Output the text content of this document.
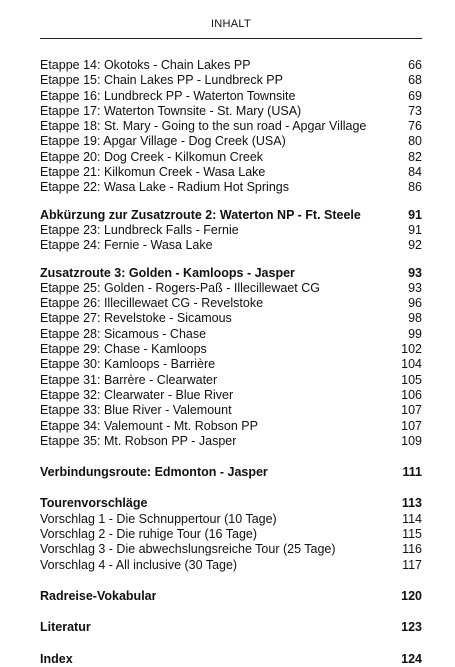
INHALT
Etappe 14: Okotoks - Chain Lakes PP	66
Etappe 15: Chain Lakes PP - Lundbreck PP	68
Etappe 16: Lundbreck PP - Waterton Townsite	69
Etappe 17: Waterton Townsite - St. Mary (USA)	73
Etappe 18: St. Mary - Going to the sun road - Apgar Village	76
Etappe 19: Apgar Village - Dog Creek (USA)	80
Etappe 20: Dog Creek - Kilkomun Creek	82
Etappe 21: Kilkomun Creek - Wasa Lake	84
Etappe 22: Wasa Lake - Radium Hot Springs	86
Abkürzung zur Zusatzroute 2: Waterton NP - Ft. Steele	91
Etappe 23: Lundbreck Falls - Fernie	91
Etappe 24: Fernie - Wasa Lake	92
Zusatzroute 3: Golden - Kamloops - Jasper	93
Etappe 25: Golden - Rogers-Paß - Illecillewaet CG	93
Etappe 26: Illecillewaet CG - Revelstoke	96
Etappe 27: Revelstoke - Sicamous	98
Etappe 28: Sicamous - Chase	99
Etappe 29: Chase - Kamloops	102
Etappe 30: Kamloops - Barrière	104
Etappe 31: Barrère - Clearwater	105
Etappe 32: Clearwater - Blue River	106
Etappe 33: Blue River - Valemount	107
Etappe 34: Valemount - Mt. Robson PP	107
Etappe 35: Mt. Robson PP - Jasper	109
Verbindungsroute: Edmonton - Jasper	111
Tourenvorschläge	113
Vorschlag 1 - Die Schnuppertour (10 Tage)	114
Vorschlag 2 - Die ruhige Tour (16 Tage)	115
Vorschlag 3 - Die abwechslungsreiche Tour (25 Tage)	116
Vorschlag 4 - All inclusive (30 Tage)	117
Radreise-Vokabular	120
Literatur	123
Index	124
